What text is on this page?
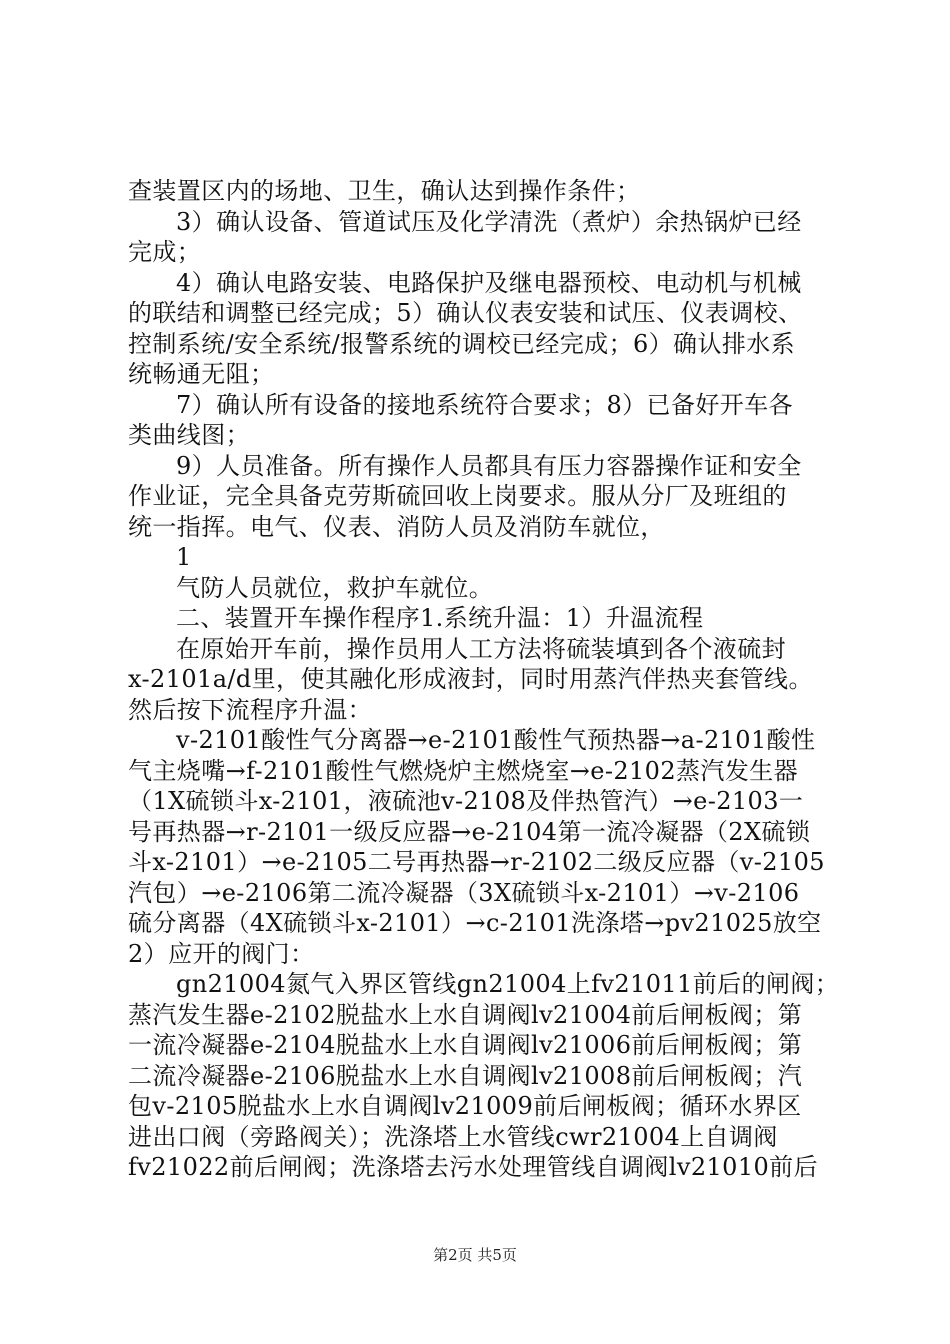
查装置区内的场地、卫生，确认达到操作条件；
3）确认设备、管道试压及化学清洗（煮炉）余热锅炉已经
完成；
4）确认电路安装、电路保护及继电器预校、电动机与机械
的联结和调整已经完成；5）确认仪表安装和试压、仪表调校、
控制系统/安全系统/报警系统的调校已经完成；6）确认排水系
统畅通无阻；
7）确认所有设备的接地系统符合要求；8）已备好开车各
类曲线图；
9）人员准备。所有操作人员都具有压力容器操作证和安全
作业证，完全具备克劳斯硫回收上岗要求。服从分厂及班组的
统一指挥。电气、仪表、消防人员及消防车就位，
1
气防人员就位，救护车就位。
二、装置开车操作程序1.系统升温：1）升温流程
在原始开车前，操作员用人工方法将硫装填到各个液硫封
x-2101a/d里，使其融化形成液封，同时用蒸汽伴热夹套管线。
然后按下流程序升温：
v-2101酸性气分离器→e-2101酸性气预热器→a-2101酸性
气主烧嘴→f-2101酸性气燃烧炉主燃烧室→e-2102蒸汽发生器
（1X硫锁斗x-2101，液硫池v-2108及伴热管汽）→e-2103一
号再热器→r-2101一级反应器→e-2104第一流冷凝器（2X硫锁
斗x-2101）→e-2105二号再热器→r-2102二级反应器（v-2105
汽包）→e-2106第二流冷凝器（3X硫锁斗x-2101）→v-2106
硫分离器（4X硫锁斗x-2101）→c-2101洗涤塔→pv21025放空
2）应开的阀门：
gn21004氮气入界区管线gn21004上fv21011前后的闸阀；
蒸汽发生器e-2102脱盐水上水自调阀lv21004前后闸板阀；第
一流冷凝器e-2104脱盐水上水自调阀lv21006前后闸板阀；第
二流冷凝器e-2106脱盐水上水自调阀lv21008前后闸板阀；汽
包v-2105脱盐水上水自调阀lv21009前后闸板阀；循环水界区
进出口阀（旁路阀关）；洗涤塔上水管线cwr21004上自调阀
fv21022前后闸阀；洗涤塔去污水处理管线自调阀lv21010前后
第2页 共5页
